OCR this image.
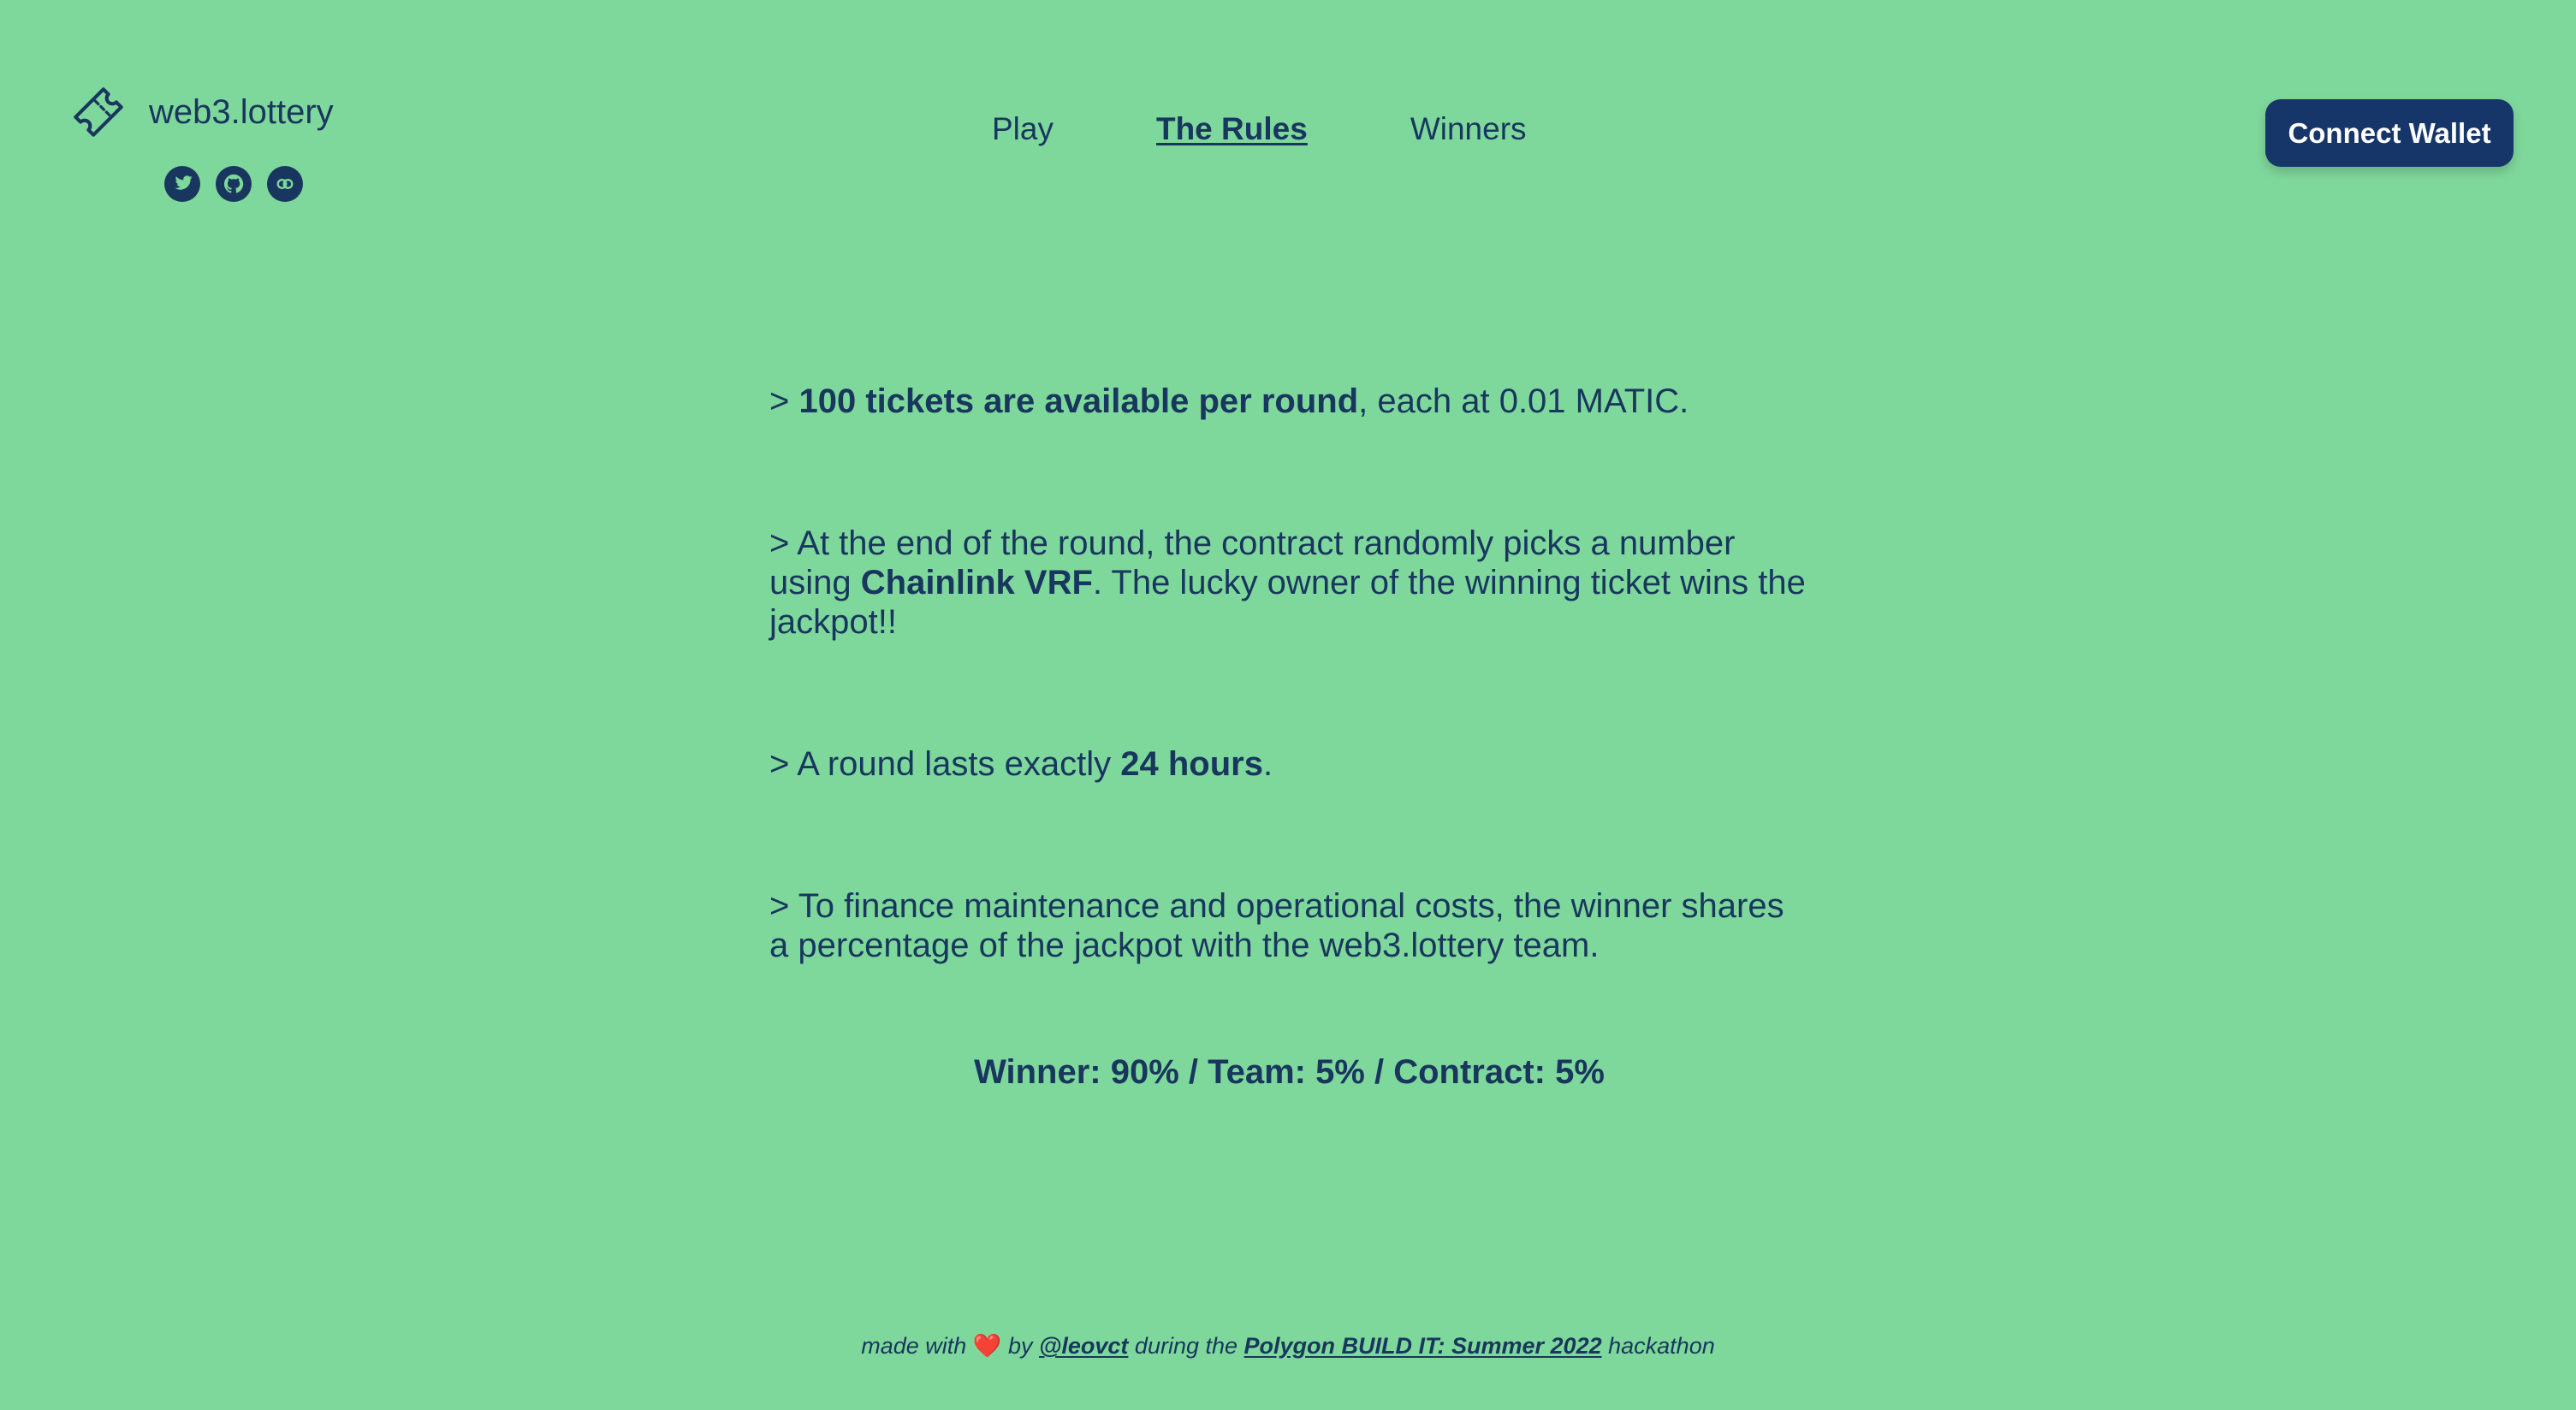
web3.lottery	Play	The Rules	Winners	Connect Wallet

> 100 tickets are available per round, each at 0.01 MATIC.

> At the end of the round, the contract randomly picks a number using Chainlink VRF. The lucky owner of the winning ticket wins the jackpot!!

> A round lasts exactly 24 hours.

> To finance maintenance and operational costs, the winner shares a percentage of the jackpot with the web3.lottery team.

Winner: 90% / Team: 5% / Contract: 5%

made with ❤️ by @leovct during the Polygon BUILD IT: Summer 2022 hackathon
